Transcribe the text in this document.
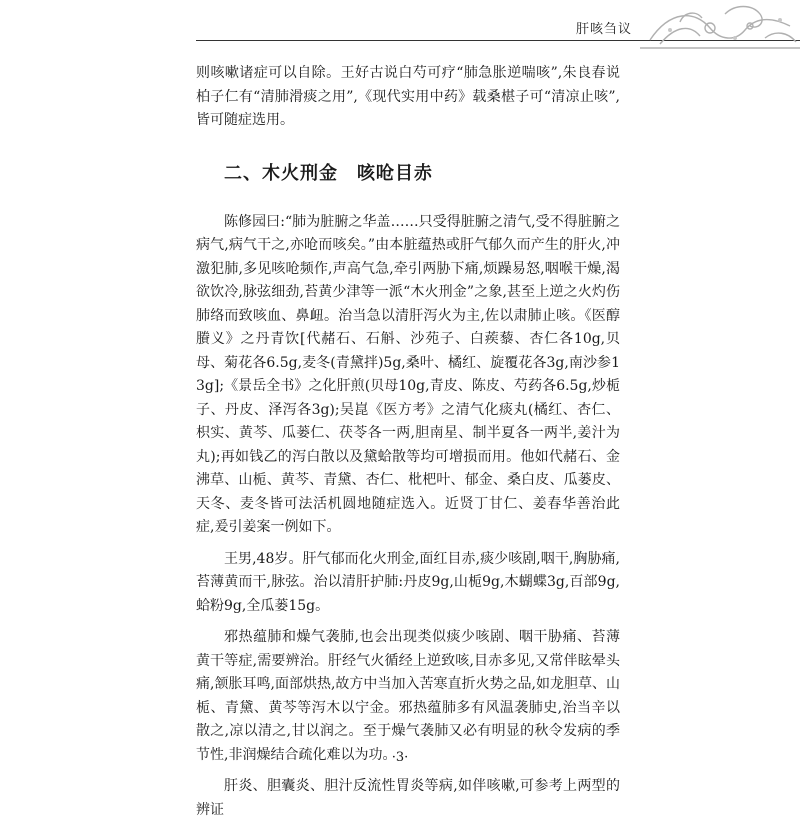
肝咳刍议

则咳嗽诸症可以自除。王好古说白芍可疗“肺急胀逆喘咳”,朱良春说柏子仁有“清肺滑痰之用”,《现代实用中药》载桑椹子可“清凉止咳”,皆可随症选用。

二、木火刑金　咳呛目赤

陈修园曰:“肺为脏腑之华盖……只受得脏腑之清气,受不得脏腑之病气,病气干之,亦呛而咳矣。”由本脏蕴热或肝气郁久而产生的肝火,冲激犯肺,多见咳呛频作,声高气急,牵引两胁下痛,烦躁易怒,咽喉干燥,渴欲饮冷,脉弦细劲,苔黄少津等一派“木火刑金”之象,甚至上逆之火灼伤肺络而致咳血、鼻衄。治当急以清肝泻火为主,佐以肃肺止咳。《医醇賸义》之丹青饮[代赭石、石斛、沙苑子、白蒺藜、杏仁各10g,贝母、菊花各6.5g,麦冬(青黛拌)5g,桑叶、橘红、旋覆花各3g,南沙参13g];《景岳全书》之化肝煎(贝母10g,青皮、陈皮、芍药各6.5g,炒栀子、丹皮、泽泻各3g);吴崑《医方考》之清气化痰丸(橘红、杏仁、枳实、黄芩、瓜蒌仁、茯苓各一两,胆南星、制半夏各一两半,姜汁为丸);再如钱乙的泻白散以及黛蛤散等均可增损而用。他如代赭石、金沸草、山栀、黄芩、青黛、杏仁、枇杷叶、郁金、桑白皮、瓜蒌皮、天冬、麦冬皆可法活机圆地随症选入。近贤丁甘仁、姜春华善治此症,爰引姜案一例如下。

王男,48岁。肝气郁而化火刑金,面红目赤,痰少咳剧,咽干,胸胁痛,苔薄黄而干,脉弦。治以清肝护肺:丹皮9g,山栀9g,木蝴蝶3g,百部9g,蛤粉9g,全瓜蒌15g。

邪热蕴肺和燥气袭肺,也会出现类似痰少咳剧、咽干胁痛、苔薄黄干等症,需要辨治。肝经气火循经上逆致咳,目赤多见,又常伴眩晕头痛,颔胀耳鸣,面部烘热,故方中当加入苦寒直折火势之品,如龙胆草、山栀、青黛、黄芩等泻木以宁金。邪热蕴肺多有风温袭肺史,治当辛以散之,凉以清之,甘以润之。至于燥气袭肺又必有明显的秋令发病的季节性,非润燥结合疏化难以为功。

肝炎、胆囊炎、胆汁反流性胃炎等病,如伴咳嗽,可参考上两型的辨证

·3·
